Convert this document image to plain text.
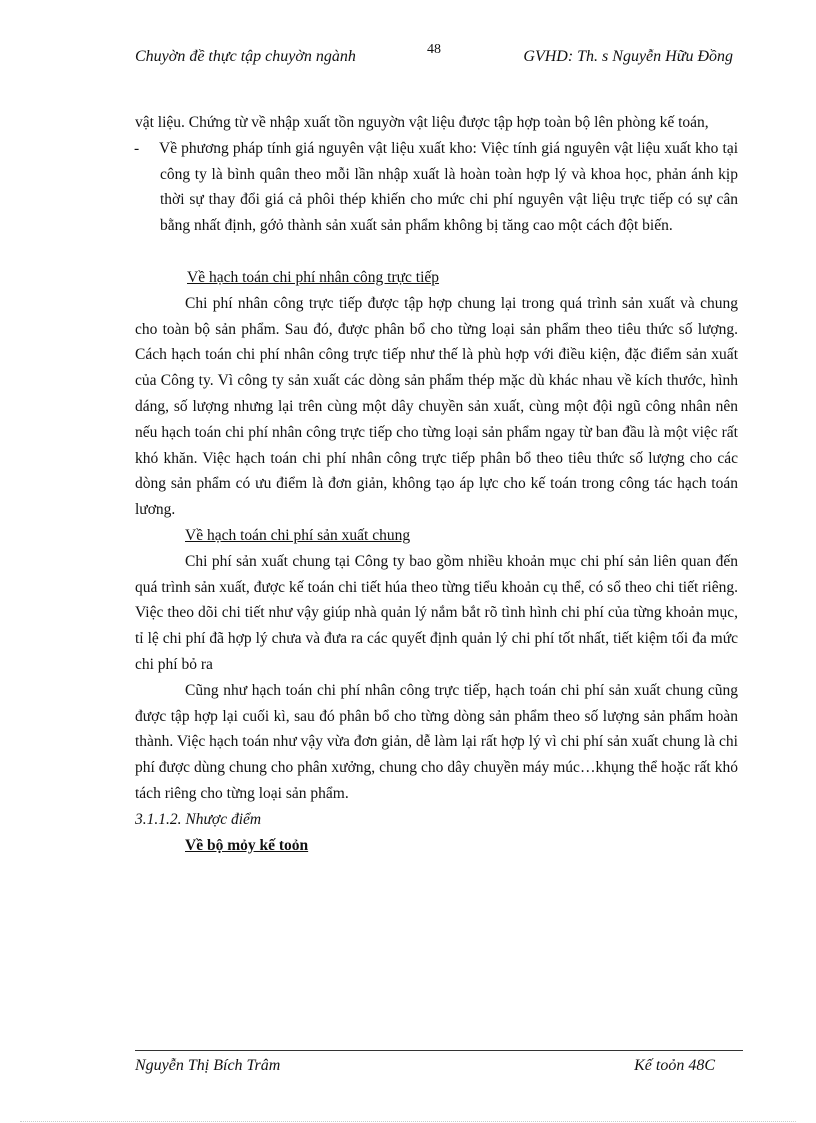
Chuyờn đề thực tập chuyờn ngành	48	GVHD: Th. s Nguyễn Hữu Đồng

vật liệu. Chứng từ về nhập xuất tồn nguyờn vật liệu được tập hợp toàn bộ lên phòng kế toán,

- Về phương pháp tính giá nguyên vật liệu xuất kho: Việc tính giá nguyên vật liệu xuất kho tại công ty là bình quân theo mỗi lần nhập xuất là hoàn toàn hợp lý và khoa học, phản ánh kịp thời sự thay đổi giá cả phôi thép khiến cho mức chi phí nguyên vật liệu trực tiếp có sự cân bằng nhất định, gớỏ thành sản xuất sản phẩm không bị tăng cao một cách đột biến.

Về hạch toán chi phí nhân công trực tiếp

Chi phí nhân công trực tiếp được tập hợp chung lại trong quá trình sản xuất và chung cho toàn bộ sản phẩm. Sau đó, được phân bổ cho từng loại sản phẩm theo tiêu thức số lượng. Cách hạch toán chi phí nhân công trực tiếp như thế là phù hợp với điều kiện, đặc điểm sản xuất của Công ty. Vì công ty sản xuất các dòng sản phẩm thép mặc dù khác nhau về kích thước, hình dáng, số lượng nhưng lại trên cùng một dây chuyền sản xuất, cùng một đội ngũ công nhân nên nếu hạch toán chi phí nhân công trực tiếp cho từng loại sản phẩm ngay từ ban đầu là một việc rất khó khăn. Việc hạch toán chi phí nhân công trực tiếp phân bổ theo tiêu thức số lượng cho các dòng sản phẩm có ưu điểm là đơn giản, không tạo áp lực cho kế toán trong công tác hạch toán lương.

Về hạch toán chi phí sản xuất chung

Chi phí sản xuất chung tại Công ty bao gồm nhiều khoản mục chi phí sản liên quan đến quá trình sản xuất, được kế toán chi tiết húa theo từng tiểu khoản cụ thể, có sổ theo chi tiết riêng. Việc theo dõi chi tiết như vậy giúp nhà quản lý nắm bắt rõ tình hình chi phí của từng khoản mục, tỉ lệ chi phí đã hợp lý chưa và đưa ra các quyết định quản lý chi phí tốt nhất, tiết kiệm tối đa mức chi phí bỏ ra

Cũng như hạch toán chi phí nhân công trực tiếp, hạch toán chi phí sản xuất chung cũng được tập hợp lại cuối kì, sau đó phân bổ cho từng dòng sản phẩm theo số lượng sản phẩm hoàn thành. Việc hạch toán như vậy vừa đơn giản, dễ làm lại rất hợp lý vì chi phí sản xuất chung là chi phí được dùng chung cho phân xưởng, chung cho dây chuyền máy múc…khụng thể hoặc rất khó tách riêng cho từng loại sản phẩm.

3.1.1.2. Nhược điểm

Về bộ mỏy kế toỏn

Nguyễn Thị Bích Trâm	Kế toỏn 48C
